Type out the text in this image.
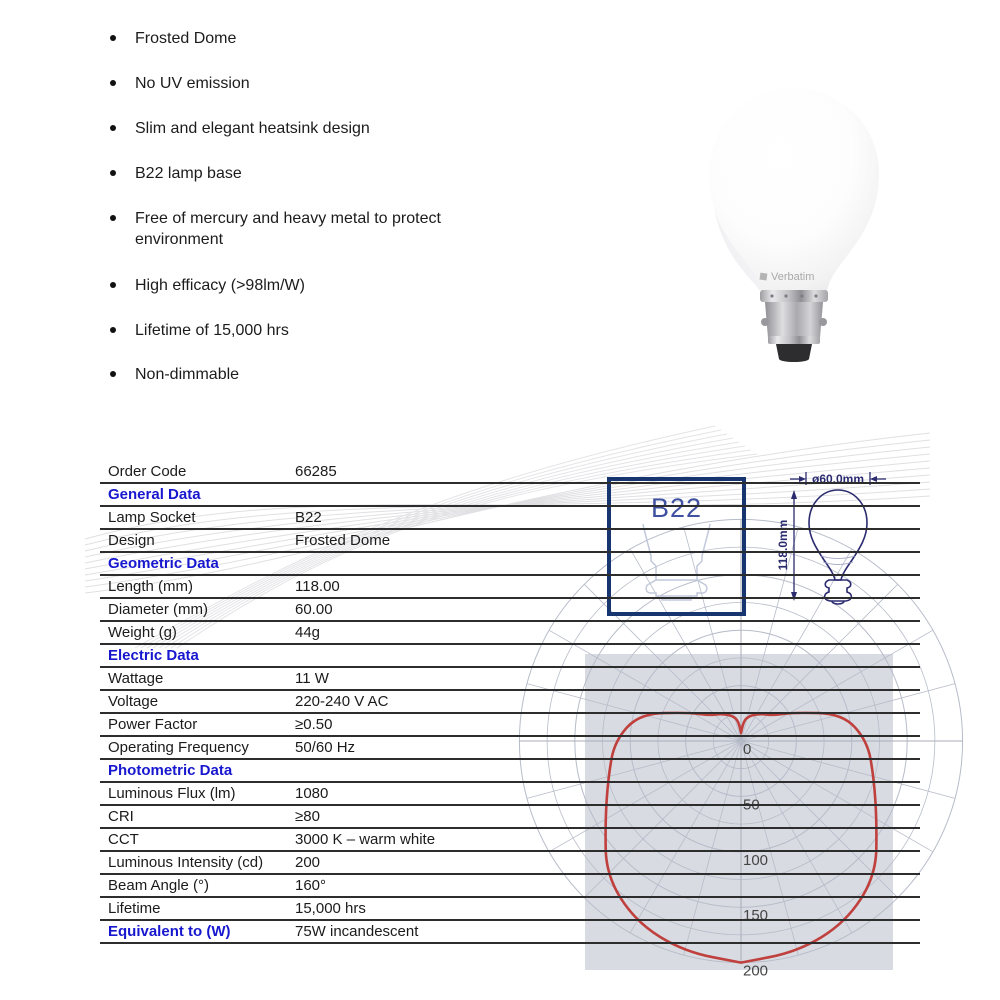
Frosted Dome
No UV emission
Slim and elegant heatsink design
B22 lamp base
Free of mercury and heavy metal to protect environment
High efficacy (>98lm/W)
Lifetime of 15,000 hrs
Non-dimmable
Verbatim
Order Code	66285
General Data
Lamp Socket	B22
Design	Frosted Dome
Geometric Data
Length (mm)	118.00
Diameter (mm)	60.00
Weight (g)	44g
Electric Data
Wattage	11 W
Voltage	220-240 V AC
Power Factor	≥0.50
Operating Frequency	50/60 Hz
Photometric Data
Luminous Flux (lm)	1080
CRI	≥80
CCT	3000 K – warm white
Luminous Intensity (cd) 200
Beam Angle (°)	160°
Lifetime	15,000 hrs
Equivalent to (W)	75W incandescent
B22
ø60.0mm
118.0mm
0
50
100
150
200
